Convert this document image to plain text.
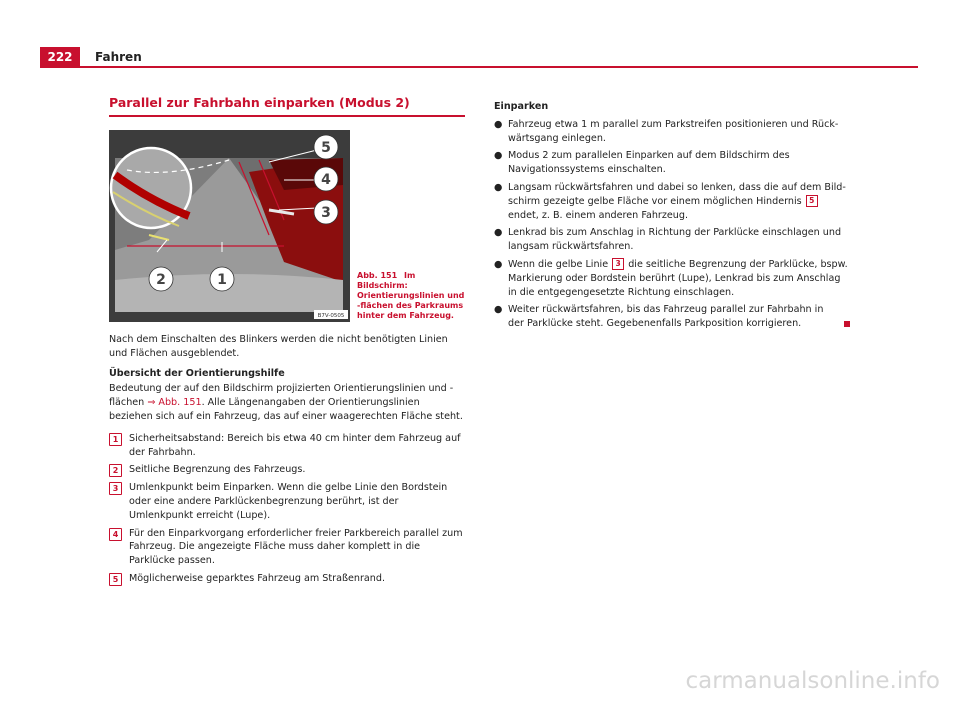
222	Fahren
Parallel zur Fahrbahn einparken (Modus 2)
1
2
3
4
5
B7V-0505
Abb. 151 Im Bildschirm: Orientierungslinien und -flächen des Parkraums hinter dem Fahrzeug.

Nach dem Einschalten des Blinkers werden die nicht benötigten Linien und Flächen ausgeblendet.

Übersicht der Orientierungshilfe

Bedeutung der auf den Bildschirm projizierten Orientierungslinien und -flächen ⇒ Abb. 151. Alle Längenangaben der Orientierungslinien beziehen sich auf ein Fahrzeug, das auf einer waagerechten Fläche steht.

1	Sicherheitsabstand: Bereich bis etwa 40 cm hinter dem Fahrzeug auf der Fahrbahn.
2	Seitliche Begrenzung des Fahrzeugs.
3	Umlenkpunkt beim Einparken. Wenn die gelbe Linie den Bordstein oder eine andere Parklückenbegrenzung berührt, ist der Umlenkpunkt erreicht (Lupe).
4	Für den Einparkvorgang erforderlicher freier Parkbereich parallel zum Fahrzeug. Die angezeigte Fläche muss daher komplett in die Parklücke passen.
5	Möglicherweise geparktes Fahrzeug am Straßenrand.

Einparken

● Fahrzeug etwa 1 m parallel zum Parkstreifen positionieren und Rückwärtsgang einlegen.
● Modus 2 zum parallelen Einparken auf dem Bildschirm des Navigationssystems einschalten.
● Langsam rückwärtsfahren und dabei so lenken, dass die auf dem Bildschirm gezeigte gelbe Fläche vor einem möglichen Hindernis 5 endet, z. B. einem anderen Fahrzeug.
● Lenkrad bis zum Anschlag in Richtung der Parklücke einschlagen und langsam rückwärtsfahren.
● Wenn die gelbe Linie 3 die seitliche Begrenzung der Parklücke, bspw. Markierung oder Bordstein berührt (Lupe), Lenkrad bis zum Anschlag in die entgegengesetzte Richtung einschlagen.
● Weiter rückwärtsfahren, bis das Fahrzeug parallel zur Fahrbahn in der Parklücke steht. Gegebenenfalls Parkposition korrigieren.
carmanualsonline.info
